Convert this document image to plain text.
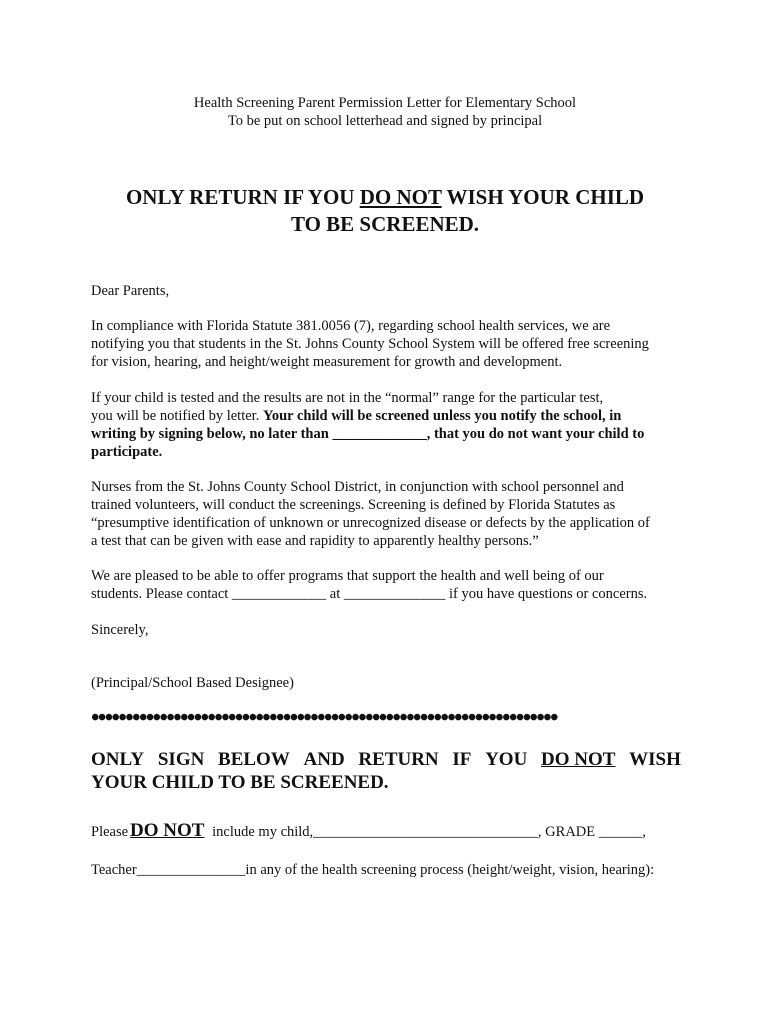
Health Screening Parent Permission Letter for Elementary School
To be put on school letterhead and signed by principal
ONLY RETURN IF YOU DO NOT WISH YOUR CHILD
TO BE SCREENED.
Dear Parents,
In compliance with Florida Statute 381.0056 (7), regarding school health services, we are
notifying you that students in the St. Johns County School System will be offered free screening
for vision, hearing, and height/weight measurement for growth and development.
If your child is tested and the results are not in the “normal” range for the particular test,
you will be notified by letter. Your child will be screened unless you notify the school, in
writing by signing below, no later than _____________, that you do not want your child to
participate.
Nurses from the St. Johns County School District, in conjunction with school personnel and
trained volunteers, will conduct the screenings. Screening is defined by Florida Statutes as
“presumptive identification of unknown or unrecognized disease or defects by the application of
a test that can be given with ease and rapidity to apparently healthy persons.”
We are pleased to be able to offer programs that support the health and well being of our
students. Please contact _____________ at ______________ if you have questions or concerns.
Sincerely,
(Principal/School Based Designee)
••••••••••••••••••••••••••••••••••••••••••••••••••••••••••••••••••••
ONLY SIGN BELOW AND RETURN IF YOU DO NOT WISH
YOUR CHILD TO BE SCREENED.
Please DO NOT include my child,_______________________________, GRADE ______,
Teacher_______________in any of the health screening process (height/weight, vision, hearing):
